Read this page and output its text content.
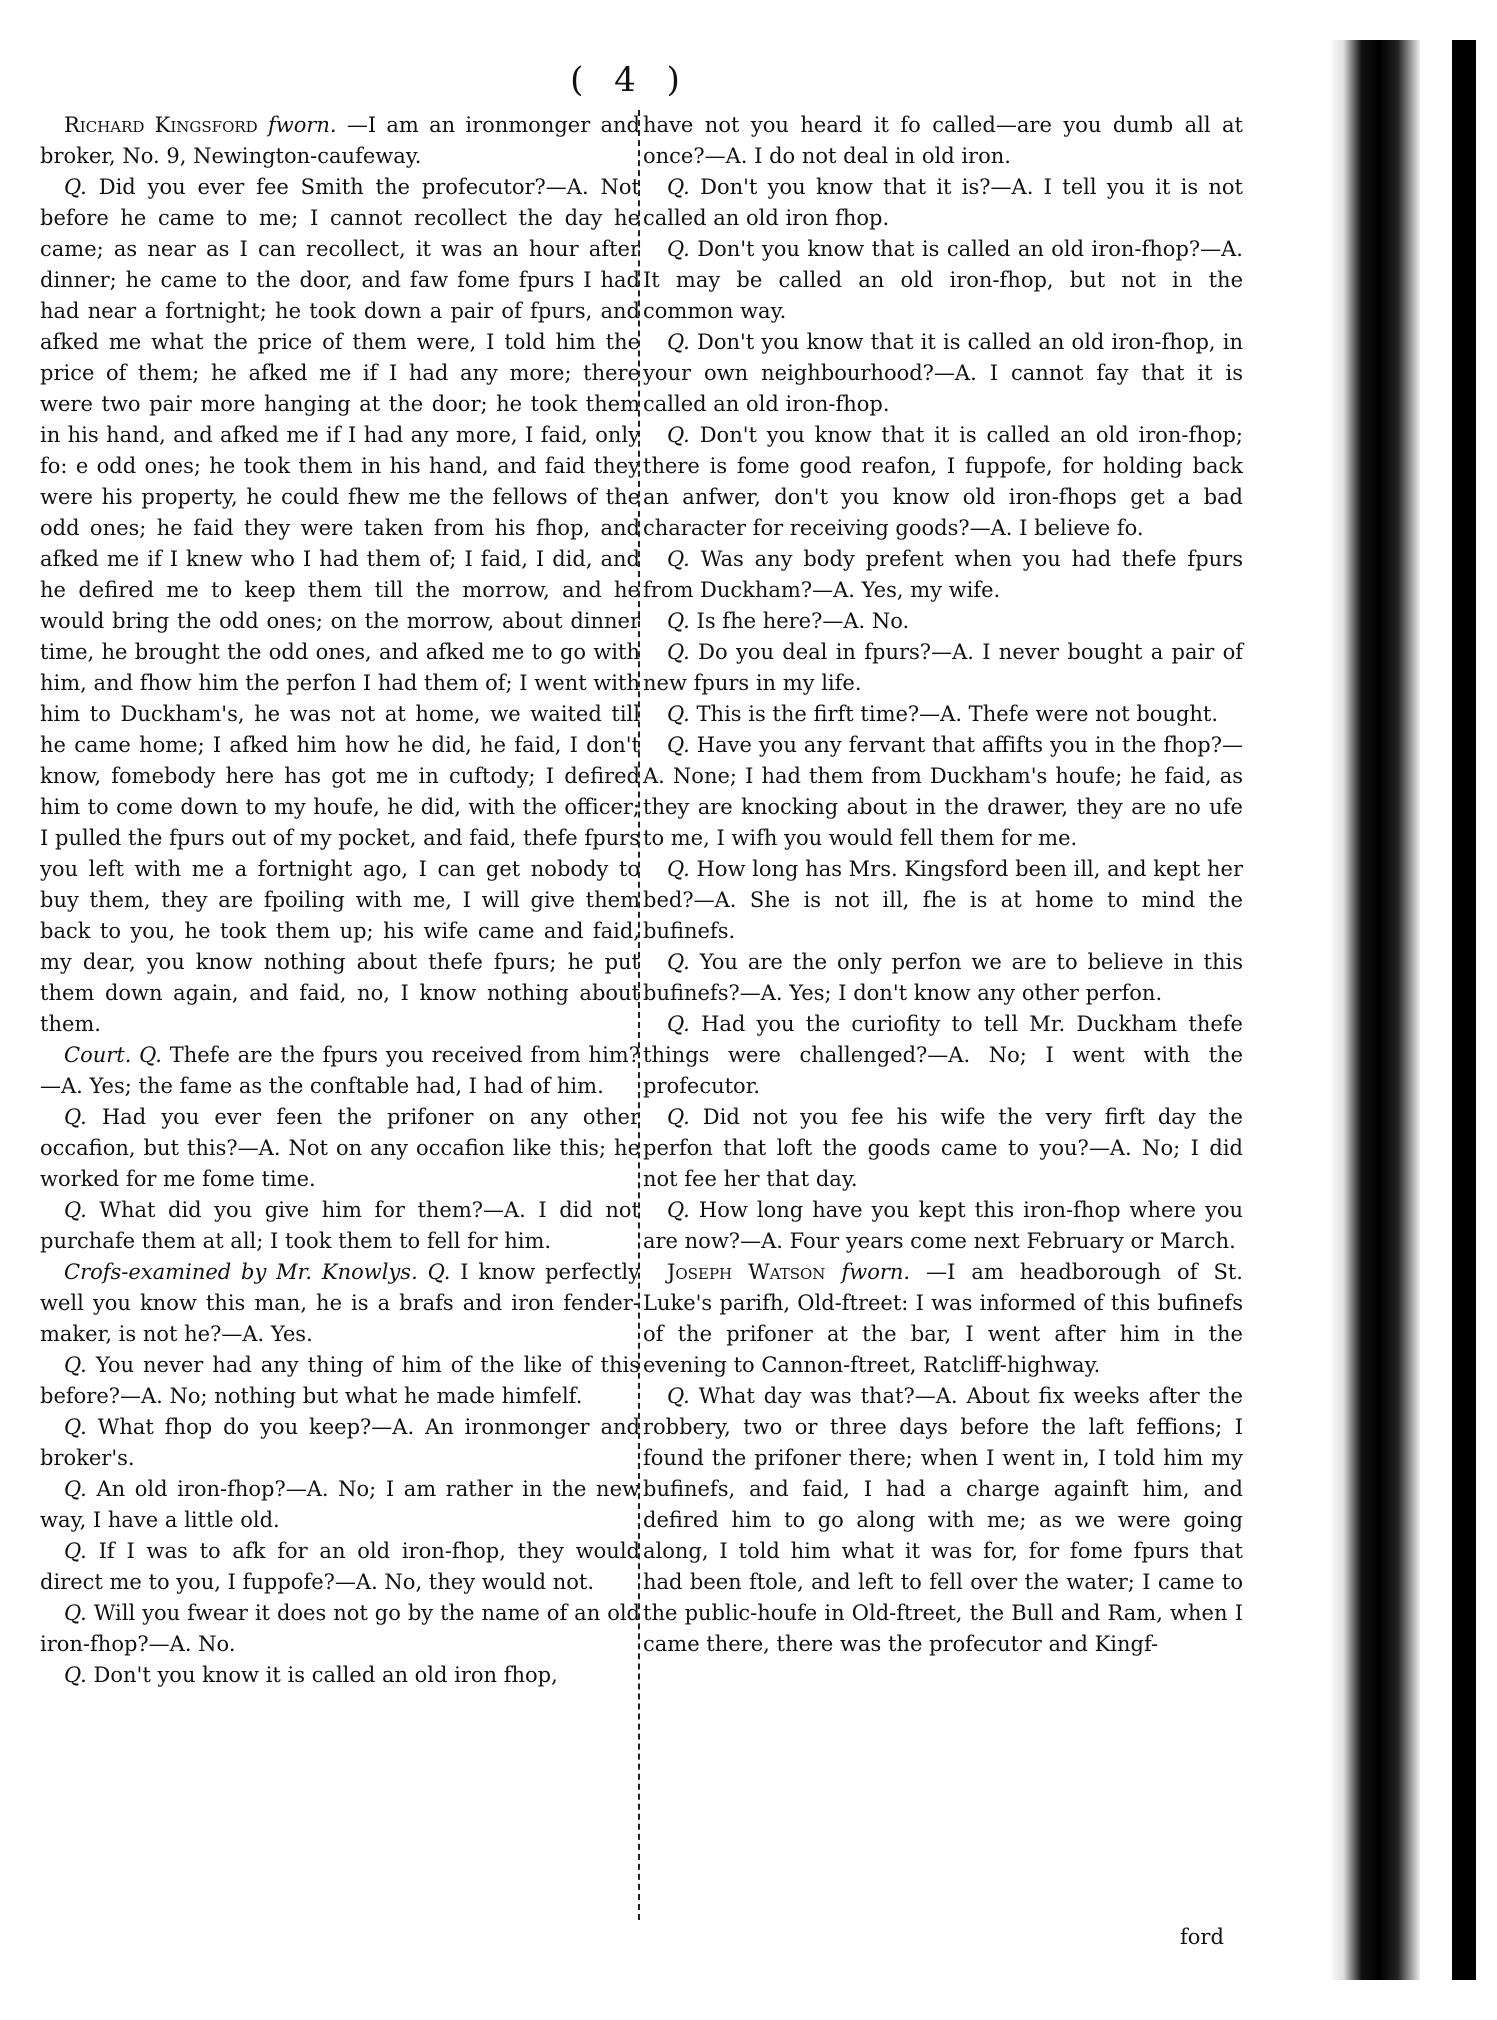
( 4 )

Richard Kingsford fworn. —I am an ironmonger and broker, No. 9, Newington-caufeway.

Q. Did you ever fee Smith the profecutor?—A. Not before he came to me; I cannot recollect the day he came; as near as I can recollect, it was an hour after dinner; he came to the door, and faw fome fpurs I had had near a fortnight; he took down a pair of fpurs, and afked me what the price of them were, I told him the price of them; he afked me if I had any more; there were two pair more hanging at the door; he took them in his hand, and afked me if I had any more, I faid, only fo: e odd ones; he took them in his hand, and faid they were his property, he could fhew me the fellows of the odd ones; he faid they were taken from his fhop, and afked me if I knew who I had them of; I faid, I did, and he defired me to keep them till the morrow, and he would bring the odd ones; on the morrow, about dinner time, he brought the odd ones, and afked me to go with him, and fhow him the perfon I had them of; I went with him to Duckham's, he was not at home, we waited till he came home; I afked him how he did, he faid, I don't know, fomebody here has got me in cuftody; I defired him to come down to my houfe, he did, with the officer; I pulled the fpurs out of my pocket, and faid, thefe fpurs you left with me a fortnight ago, I can get nobody to buy them, they are fpoiling with me, I will give them back to you, he took them up; his wife came and faid, my dear, you know nothing about thefe fpurs; he put them down again, and faid, no, I know nothing about them.

Court. Q. Thefe are the fpurs you received from him?—A. Yes; the fame as the conftable had, I had of him.

Q. Had you ever feen the prifoner on any other occafion, but this?—A. Not on any occafion like this; he worked for me fome time.

Q. What did you give him for them?—A. I did not purchafe them at all; I took them to fell for him.

Crofs-examined by Mr. Knowlys. Q. I know perfectly well you know this man, he is a brafs and iron fender-maker, is not he?—A. Yes.

Q. You never had any thing of him of the like of this before?—A. No; nothing but what he made himfelf.

Q. What fhop do you keep?—A. An ironmonger and broker's.

Q. An old iron-fhop?—A. No; I am rather in the new way, I have a little old.

Q. If I was to afk for an old iron-fhop, they would direct me to you, I fuppofe?—A. No, they would not.

Q. Will you fwear it does not go by the name of an old iron-fhop?—A. No.

Q. Don't you know it is called an old iron fhop,

have not you heard it fo called—are you dumb all at once?—A. I do not deal in old iron.

Q. Don't you know that it is?—A. I tell you it is not called an old iron fhop.

Q. Don't you know that is called an old iron-fhop?—A. It may be called an old iron-fhop, but not in the common way.

Q. Don't you know that it is called an old iron-fhop, in your own neighbourhood?—A. I cannot fay that it is called an old iron-fhop.

Q. Don't you know that it is called an old iron-fhop; there is fome good reafon, I fuppofe, for holding back an anfwer, don't you know old iron-fhops get a bad character for receiving goods?—A. I believe fo.

Q. Was any body prefent when you had thefe fpurs from Duckham?—A. Yes, my wife.

Q. Is fhe here?—A. No.

Q. Do you deal in fpurs?—A. I never bought a pair of new fpurs in my life.

Q. This is the firft time?—A. Thefe were not bought.

Q. Have you any fervant that affifts you in the fhop?—A. None; I had them from Duckham's houfe; he faid, as they are knocking about in the drawer, they are no ufe to me, I wifh you would fell them for me.

Q. How long has Mrs. Kingsford been ill, and kept her bed?—A. She is not ill, fhe is at home to mind the bufinefs.

Q. You are the only perfon we are to believe in this bufinefs?—A. Yes; I don't know any other perfon.

Q. Had you the curiofity to tell Mr. Duckham thefe things were challenged?—A. No; I went with the profecutor.

Q. Did not you fee his wife the very firft day the perfon that loft the goods came to you?—A. No; I did not fee her that day.

Q. How long have you kept this iron-fhop where you are now?—A. Four years come next February or March.

Joseph Watson fworn. —I am headborough of St. Luke's parifh, Old-ftreet: I was informed of this bufinefs of the prifoner at the bar, I went after him in the evening to Cannon-ftreet, Ratcliff-highway.

Q. What day was that?—A. About fix weeks after the robbery, two or three days before the laft feffions; I found the prifoner there; when I went in, I told him my bufinefs, and faid, I had a charge againft him, and defired him to go along with me; as we were going along, I told him what it was for, for fome fpurs that had been ftole, and left to fell over the water; I came to the public-houfe in Old-ftreet, the Bull and Ram, when I came there, there was the profecutor and Kingf-

ford
